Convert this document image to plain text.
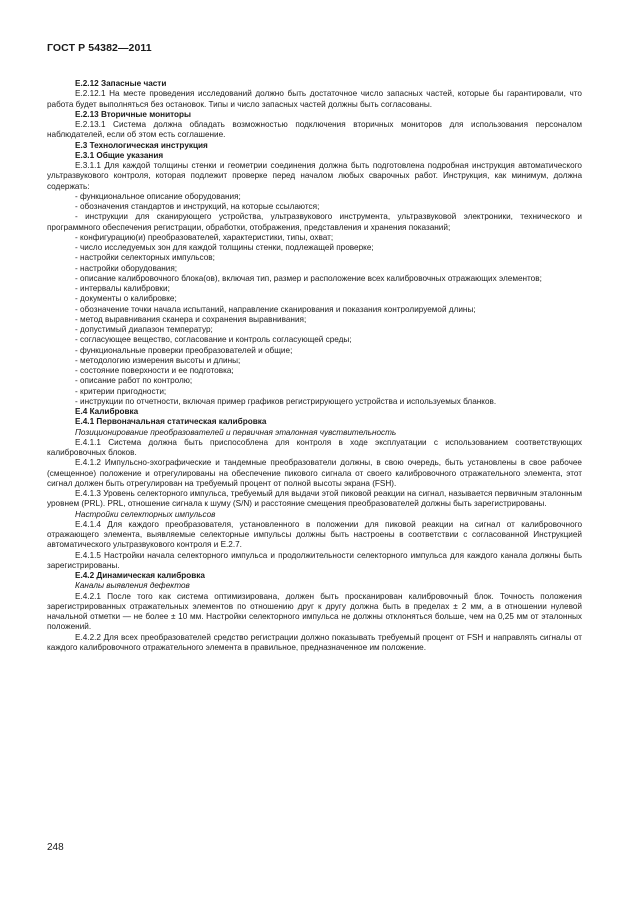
ГОСТ Р 54382—2011

E.2.12 Запасные части

E.2.12.1 На месте проведения исследований должно быть достаточное число запасных частей, которые бы гарантировали, что работа будет выполняться без остановок. Типы и число запасных частей должны быть согласованы.

E.2.13 Вторичные мониторы

E.2.13.1 Система должна обладать возможностью подключения вторичных мониторов для использования персоналом наблюдателей, если об этом есть соглашение.

E.3 Технологическая инструкция

E.3.1 Общие указания

E.3.1.1 Для каждой толщины стенки и геометрии соединения должна быть подготовлена подробная инструкция автоматического ультразвукового контроля, которая подлежит проверке перед началом любых сварочных работ. Инструкция, как минимум, должна содержать:

- функциональное описание оборудования;

- обозначения стандартов и инструкций, на которые ссылаются;

- инструкции для сканирующего устройства, ультразвукового инструмента, ультразвуковой электроники, технического и программного обеспечения регистрации, обработки, отображения, представления и хранения показаний;

- конфигурацию(и) преобразователей, характеристики, типы, охват;

- число исследуемых зон для каждой толщины стенки, подлежащей проверке;

- настройки селекторных импульсов;

- настройки оборудования;

- описание калибровочного блока(ов), включая тип, размер и расположение всех калибровочных отражающих элементов;

- интервалы калибровки;

- документы о калибровке;

- обозначение точки начала испытаний, направление сканирования и показания контролируемой длины;

- метод выравнивания сканера и сохранения выравнивания;

- допустимый диапазон температур;

- согласующее вещество, согласование и контроль согласующей среды;

- функциональные проверки преобразователей и общие;

- методологию измерения высоты и длины;

- состояние поверхности и ее подготовка;

- описание работ по контролю;

- критерии пригодности;

- инструкции по отчетности, включая пример графиков регистрирующего устройства и используемых бланков.

E.4 Калибровка

E.4.1 Первоначальная статическая калибровка

Позиционирование преобразователей и первичная эталонная чувствительность

E.4.1.1 Система должна быть приспособлена для контроля в ходе эксплуатации с использованием соответствующих калибровочных блоков.

E.4.1.2 Импульсно-эхографические и тандемные преобразователи должны, в свою очередь, быть установлены в свое рабочее (смещенное) положение и отрегулированы на обеспечение пикового сигнала от своего калибровочного отражательного элемента, этот сигнал должен быть отрегулирован на требуемый процент от полной высоты экрана (FSH).

E.4.1.3 Уровень селекторного импульса, требуемый для выдачи этой пиковой реакции на сигнал, называется первичным эталонным уровнем (PRL). PRL, отношение сигнала к шуму (S/N) и расстояние смещения преобразователей должны быть зарегистрированы.

Настройки селекторных импульсов

E.4.1.4 Для каждого преобразователя, установленного в положении для пиковой реакции на сигнал от калибровочного отражающего элемента, выявляемые селекторные импульсы должны быть настроены в соответствии с согласованной Инструкцией автоматического ультразвукового контроля и E.2.7.

E.4.1.5 Настройки начала селекторного импульса и продолжительности селекторного импульса для каждого канала должны быть зарегистрированы.

E.4.2 Динамическая калибровка

Каналы выявления дефектов

E.4.2.1 После того как система оптимизирована, должен быть просканирован калибровочный блок. Точность положения зарегистрированных отражательных элементов по отношению друг к другу должна быть в пределах ± 2 мм, а в отношении нулевой начальной отметки — не более ± 10 мм. Настройки селекторного импульса не должны отклоняться больше, чем на 0,25 мм от эталонных положений.

E.4.2.2 Для всех преобразователей средство регистрации должно показывать требуемый процент от FSH и направлять сигналы от каждого калибровочного отражательного элемента в правильное, предназначенное им положение.

248
